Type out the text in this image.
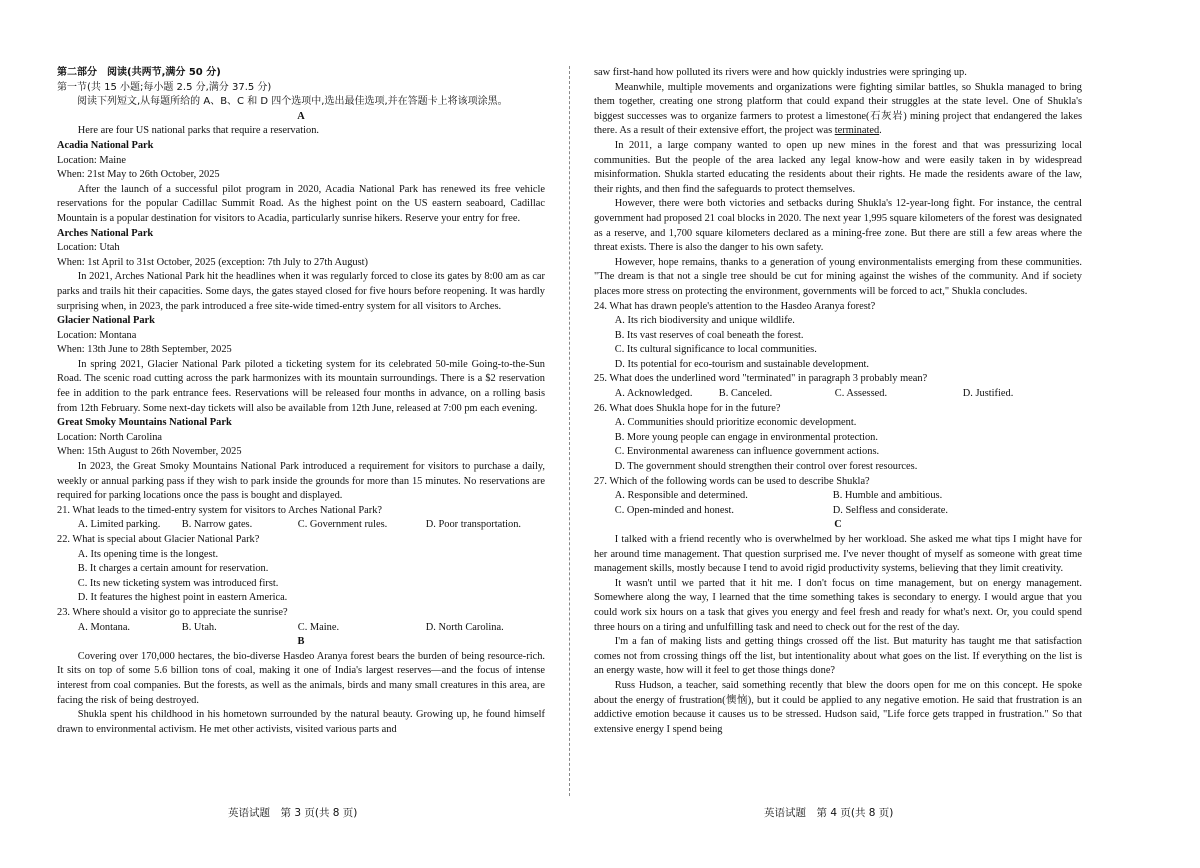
第二部分　阅读(共两节,满分 50 分)

第一节(共 15 小题;每小题 2.5 分,满分 37.5 分)

阅读下列短文,从每题所给的 A、B、C 和 D 四个选项中,选出最佳选项,并在答题卡上将该项涂黑。

A

Here are four US national parks that require a reservation.

Acadia National Park

Location: Maine

When: 21st May to 26th October, 2025

After the launch of a successful pilot program in 2020, Acadia National Park has renewed its free vehicle reservations for the popular Cadillac Summit Road. As the highest point on the US eastern seaboard, Cadillac Mountain is a popular destination for visitors to Acadia, particularly sunrise hikers. Reserve your entry for free.

Arches National Park

Location: Utah

When: 1st April to 31st October, 2025 (exception: 7th July to 27th August)

In 2021, Arches National Park hit the headlines when it was regularly forced to close its gates by 8:00 am as car parks and trails hit their capacities. Some days, the gates stayed closed for five hours before reopening. It was hardly surprising when, in 2023, the park introduced a free site-wide timed-entry system for all visitors to Arches.

Glacier National Park

Location: Montana

When: 13th June to 28th September, 2025

In spring 2021, Glacier National Park piloted a ticketing system for its celebrated 50-mile Going-to-the-Sun Road. The scenic road cutting across the park harmonizes with its mountain surroundings. There is a $2 reservation fee in addition to the park entrance fees. Reservations will be released four months in advance, on a rolling basis from 12th February. Some next-day tickets will also be available from 12th June, released at 7:00 pm each evening.

Great Smoky Mountains National Park

Location: North Carolina

When: 15th August to 26th November, 2025

In 2023, the Great Smoky Mountains National Park introduced a requirement for visitors to purchase a daily, weekly or annual parking pass if they wish to park inside the grounds for more than 15 minutes. No reservations are required for parking locations once the pass is bought and displayed.

21. What leads to the timed-entry system for visitors to Arches National Park?

A. Limited parking.	B. Narrow gates.	C. Government rules.	D. Poor transportation.

22. What is special about Glacier National Park?

A. Its opening time is the longest.

B. It charges a certain amount for reservation.

C. Its new ticketing system was introduced first.

D. It features the highest point in eastern America.

23. Where should a visitor go to appreciate the sunrise?

A. Montana.	B. Utah.	C. Maine.	D. North Carolina.

B

Covering over 170,000 hectares, the bio-diverse Hasdeo Aranya forest bears the burden of being resource-rich. It sits on top of some 5.6 billion tons of coal, making it one of India's largest reserves—and the focus of intense interest from coal companies. But the forests, as well as the animals, birds and many small creatures in this area, are facing the risk of being destroyed.

Shukla spent his childhood in his hometown surrounded by the natural beauty. Growing up, he found himself drawn to environmental activism. He met other activists, visited various parts and

saw first-hand how polluted its rivers were and how quickly industries were springing up.

Meanwhile, multiple movements and organizations were fighting similar battles, so Shukla managed to bring them together, creating one strong platform that could expand their struggles at the state level. One of Shukla's biggest successes was to organize farmers to protest a limestone(石灰岩) mining project that endangered the lakes there. As a result of their extensive effort, the project was terminated.

In 2011, a large company wanted to open up new mines in the forest and that was pressurizing local communities. But the people of the area lacked any legal know-how and were easily taken in by widespread misinformation. Shukla started educating the residents about their rights. He made the residents aware of the law, their rights, and then find the safeguards to protect themselves.

However, there were both victories and setbacks during Shukla's 12-year-long fight. For instance, the central government had proposed 21 coal blocks in 2020. The next year 1,995 square kilometers of the forest was designated as a reserve, and 1,700 square kilometers declared as a mining-free zone. But there are still a few areas where the threat exists. There is also the danger to his own safety.

However, hope remains, thanks to a generation of young environmentalists emerging from these communities. "The dream is that not a single tree should be cut for mining against the wishes of the community. And if society places more stress on protecting the environment, governments will be forced to act," Shukla concludes.

24. What has drawn people's attention to the Hasdeo Aranya forest?

A. Its rich biodiversity and unique wildlife.

B. Its vast reserves of coal beneath the forest.

C. Its cultural significance to local communities.

D. Its potential for eco-tourism and sustainable development.

25. What does the underlined word "terminated" in paragraph 3 probably mean?

A. Acknowledged.	B. Canceled.	C. Assessed.	D. Justified.

26. What does Shukla hope for in the future?

A. Communities should prioritize economic development.

B. More young people can engage in environmental protection.

C. Environmental awareness can influence government actions.

D. The government should strengthen their control over forest resources.

27. Which of the following words can be used to describe Shukla?

A. Responsible and determined.	B. Humble and ambitious.
C. Open-minded and honest.	D. Selfless and considerate.

C

I talked with a friend recently who is overwhelmed by her workload. She asked me what tips I might have for her around time management. That question surprised me. I've never thought of myself as someone with great time management skills, mostly because I tend to avoid rigid productivity systems, believing that they limit creativity.

It wasn't until we parted that it hit me. I don't focus on time management, but on energy management. Somewhere along the way, I learned that the time something takes is secondary to energy. I would argue that you could work six hours on a task that gives you energy and feel fresh and ready for what's next. Or, you could spend three hours on a tiring and unfulfilling task and need to check out for the rest of the day.

I'm a fan of making lists and getting things crossed off the list. But maturity has taught me that satisfaction comes not from crossing things off the list, but intentionality about what goes on the list. If everything on the list is an energy waste, how will it feel to get those things done?

Russ Hudson, a teacher, said something recently that blew the doors open for me on this concept. He spoke about the energy of frustration(懊恼), but it could be applied to any negative emotion. He said that frustration is an addictive emotion because it causes us to be stressed. Hudson said, "Life force gets trapped in frustration." So that extensive energy I spend being

英语试题　第 3 页(共 8 页)	英语试题　第 4 页(共 8 页)
